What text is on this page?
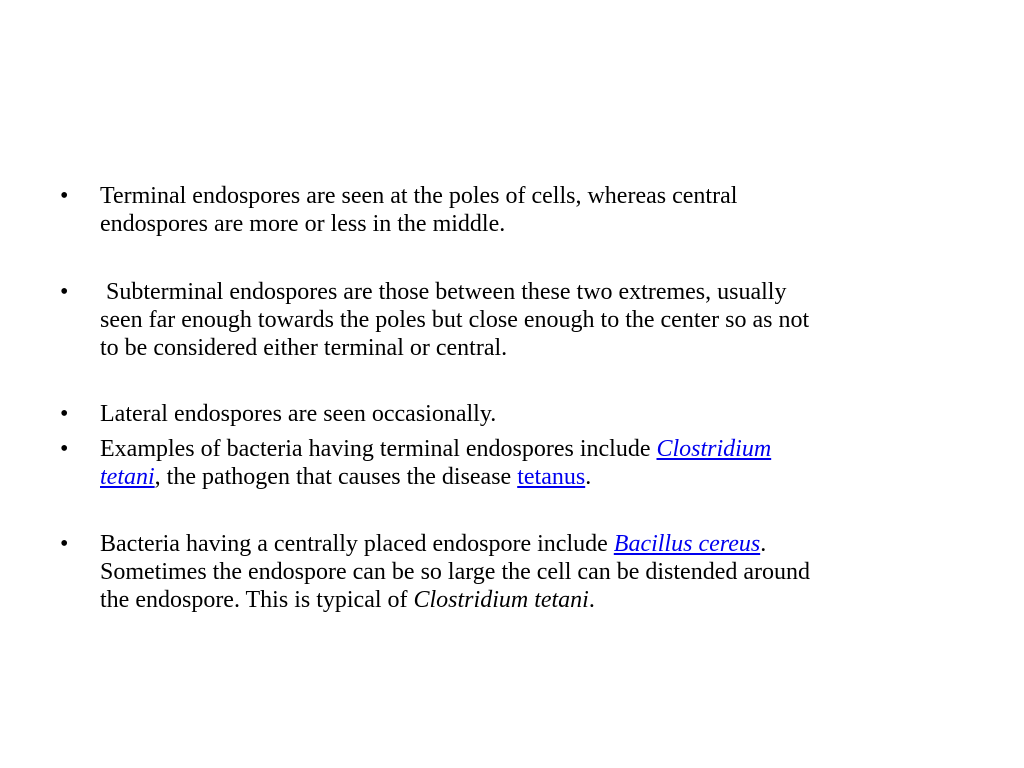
• Terminal endospores are seen at the poles of cells, whereas central
endospores are more or less in the middle.
• Subterminal endospores are those between these two extremes, usually
seen far enough towards the poles but close enough to the center so as not
to be considered either terminal or central.
• Lateral endospores are seen occasionally.
• Examples of bacteria having terminal endospores include Clostridium
tetani, the pathogen that causes the disease tetanus.
• Bacteria having a centrally placed endospore include Bacillus cereus.
Sometimes the endospore can be so large the cell can be distended around
the endospore. This is typical of Clostridium tetani.
